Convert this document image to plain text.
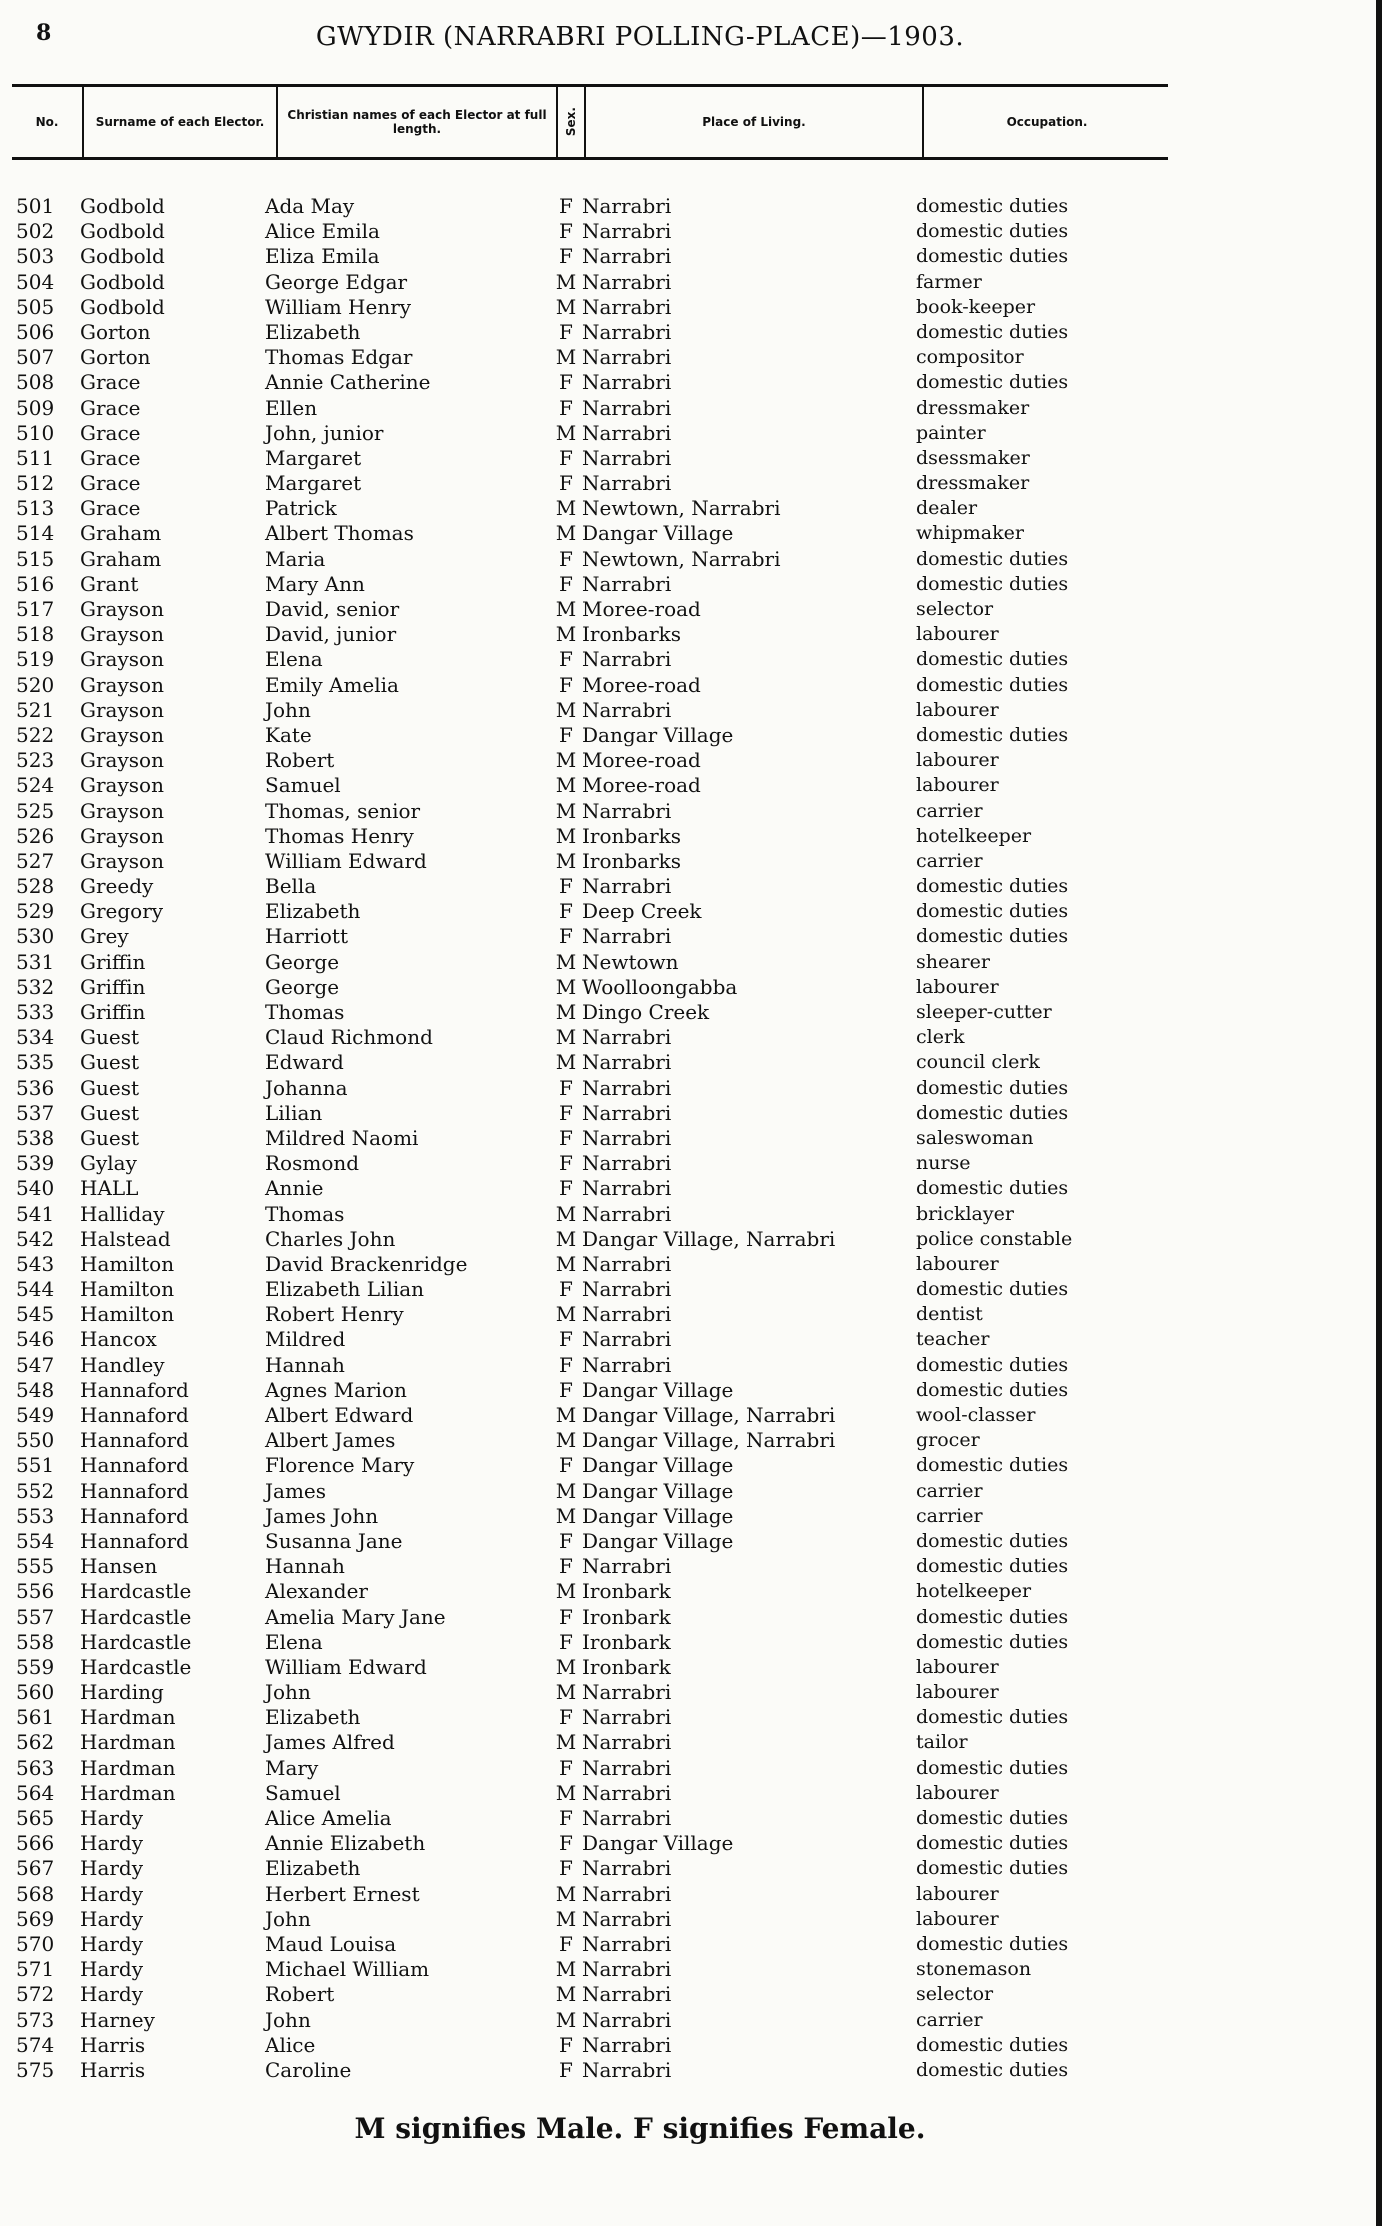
8	GWYDIR (NARRABRI POLLING-PLACE)—1903.
No.	Surname of each Elector.	Christian names of each Elector at full length.	Sex.	Place of Living.	Occupation.
501 Godbold	Ada May	F Narrabri	domestic duties
502 Godbold	Alice Emila	F Narrabri	domestic duties
503 Godbold	Eliza Emila	F Narrabri	domestic duties
504 Godbold	George Edgar	M Narrabri	farmer
505 Godbold	William Henry	M Narrabri	book-keeper
506 Gorton	Elizabeth	F Narrabri	domestic duties
507 Gorton	Thomas Edgar	M Narrabri	compositor
508 Grace	Annie Catherine	F Narrabri	domestic duties
509 Grace	Ellen	F Narrabri	dressmaker
510 Grace	John, junior	M Narrabri	painter
511 Grace	Margaret	F Narrabri	dsessmaker
512 Grace	Margaret	F Narrabri	dressmaker
513 Grace	Patrick	M Newtown, Narrabri	dealer
514 Graham	Albert Thomas	M Dangar Village	whipmaker
515 Graham	Maria	F Newtown, Narrabri	domestic duties
516 Grant	Mary Ann	F Narrabri	domestic duties
517 Grayson	David, senior	M Moree-road	selector
518 Grayson	David, junior	M Ironbarks	labourer
519 Grayson	Elena	F Narrabri	domestic duties
520 Grayson	Emily Amelia	F Moree-road	domestic duties
521 Grayson	John	M Narrabri	labourer
522 Grayson	Kate	F Dangar Village	domestic duties
523 Grayson	Robert	M Moree-road	labourer
524 Grayson	Samuel	M Moree-road	labourer
525 Grayson	Thomas, senior	M Narrabri	carrier
526 Grayson	Thomas Henry	M Ironbarks	hotelkeeper
527 Grayson	William Edward	M Ironbarks	carrier
528 Greedy	Bella	F Narrabri	domestic duties
529 Gregory	Elizabeth	F Deep Creek	domestic duties
530 Grey	Harriott	F Narrabri	domestic duties
531 Griffin	George	M Newtown	shearer
532 Griffin	George	M Woolloongabba	labourer
533 Griffin	Thomas	M Dingo Creek	sleeper-cutter
534 Guest	Claud Richmond	M Narrabri	clerk
535 Guest	Edward	M Narrabri	council clerk
536 Guest	Johanna	F Narrabri	domestic duties
537 Guest	Lilian	F Narrabri	domestic duties
538 Guest	Mildred Naomi	F Narrabri	saleswoman
539 Gylay	Rosmond	F Narrabri	nurse
540 HALL	Annie	F Narrabri	domestic duties
541 Halliday	Thomas	M Narrabri	bricklayer
542 Halstead	Charles John	M Dangar Village, Narrabri	police constable
543 Hamilton	David Brackenridge	M Narrabri	labourer
544 Hamilton	Elizabeth Lilian	F Narrabri	domestic duties
545 Hamilton	Robert Henry	M Narrabri	dentist
546 Hancox	Mildred	F Narrabri	teacher
547 Handley	Hannah	F Narrabri	domestic duties
548 Hannaford	Agnes Marion	F Dangar Village	domestic duties
549 Hannaford	Albert Edward	M Dangar Village, Narrabri	wool-classer
550 Hannaford	Albert James	M Dangar Village, Narrabri	grocer
551 Hannaford	Florence Mary	F Dangar Village	domestic duties
552 Hannaford	James	M Dangar Village	carrier
553 Hannaford	James John	M Dangar Village	carrier
554 Hannaford	Susanna Jane	F Dangar Village	domestic duties
555 Hansen	Hannah	F Narrabri	domestic duties
556 Hardcastle	Alexander	M Ironbark	hotelkeeper
557 Hardcastle	Amelia Mary Jane	F Ironbark	domestic duties
558 Hardcastle	Elena	F Ironbark	domestic duties
559 Hardcastle	William Edward	M Ironbark	labourer
560 Harding	John	M Narrabri	labourer
561 Hardman	Elizabeth	F Narrabri	domestic duties
562 Hardman	James Alfred	M Narrabri	tailor
563 Hardman	Mary	F Narrabri	domestic duties
564 Hardman	Samuel	M Narrabri	labourer
565 Hardy	Alice Amelia	F Narrabri	domestic duties
566 Hardy	Annie Elizabeth	F Dangar Village	domestic duties
567 Hardy	Elizabeth	F Narrabri	domestic duties
568 Hardy	Herbert Ernest	M Narrabri	labourer
569 Hardy	John	M Narrabri	labourer
570 Hardy	Maud Louisa	F Narrabri	domestic duties
571 Hardy	Michael William	M Narrabri	stonemason
572 Hardy	Robert	M Narrabri	selector
573 Harney	John	M Narrabri	carrier
574 Harris	Alice	F Narrabri	domestic duties
575 Harris	Caroline	F Narrabri	domestic duties
M signifies Male. F signifies Female.
